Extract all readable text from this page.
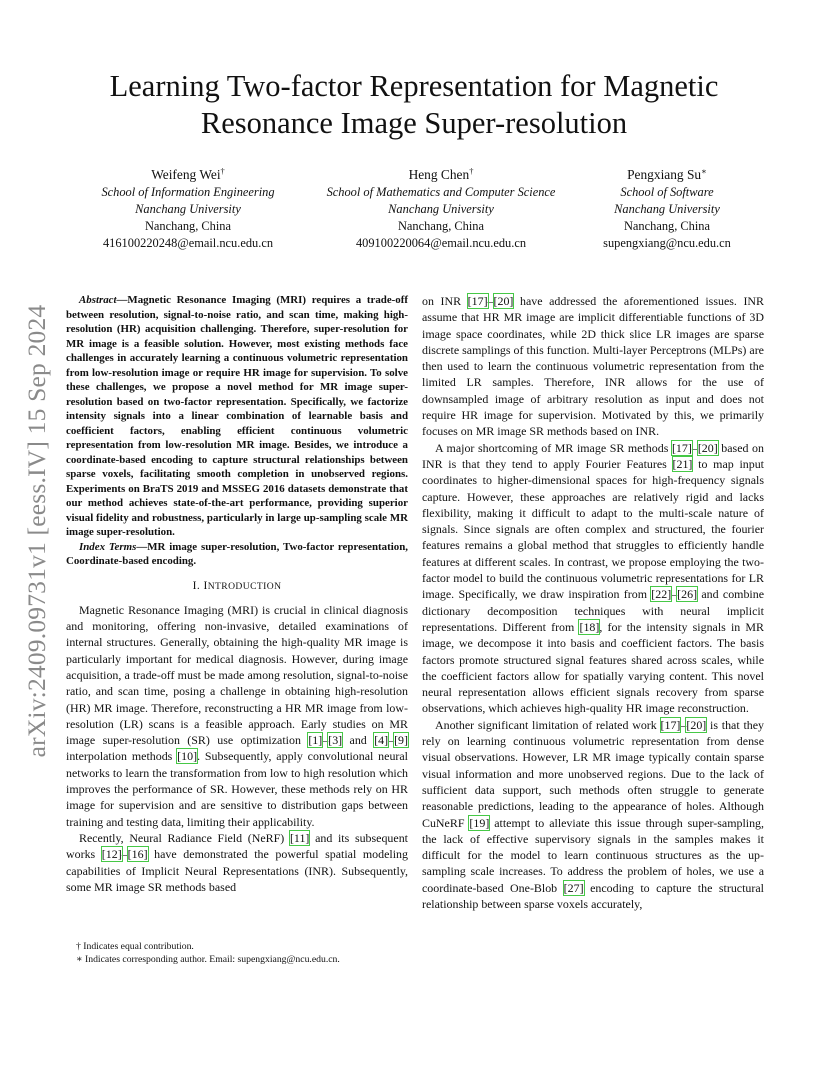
arXiv:2409.09731v1 [eess.IV] 15 Sep 2024
Learning Two-factor Representation for Magnetic
Resonance Image Super-resolution
Weifeng Wei†
School of Information Engineering
Nanchang University
Nanchang, China
416100220248@email.ncu.edu.cn
Heng Chen†
School of Mathematics and Computer Science
Nanchang University
Nanchang, China
409100220064@email.ncu.edu.cn
Pengxiang Su∗
School of Software
Nanchang University
Nanchang, China
supengxiang@ncu.edu.cn

Abstract—Magnetic Resonance Imaging (MRI) requires a trade-off between resolution, signal-to-noise ratio, and scan time, making high-resolution (HR) acquisition challenging. Therefore, super-resolution for MR image is a feasible solution. However, most existing methods face challenges in accurately learning a continuous volumetric representation from low-resolution image or require HR image for supervision. To solve these challenges, we propose a novel method for MR image super-resolution based on two-factor representation. Specifically, we factorize intensity signals into a linear combination of learnable basis and coefficient factors, enabling efficient continuous volumetric representation from low-resolution MR image. Besides, we introduce a coordinate-based encoding to capture structural relationships between sparse voxels, facilitating smooth completion in unobserved regions. Experiments on BraTS 2019 and MSSEG 2016 datasets demonstrate that our method achieves state-of-the-art performance, providing superior visual fidelity and robustness, particularly in large up-sampling scale MR image super-resolution.

Index Terms—MR image super-resolution, Two-factor representation, Coordinate-based encoding.

I. INTRODUCTION

Magnetic Resonance Imaging (MRI) is crucial in clinical diagnosis and monitoring, offering non-invasive, detailed examinations of internal structures. Generally, obtaining the high-quality MR image is particularly important for medical diagnosis. However, during image acquisition, a trade-off must be made among resolution, signal-to-noise ratio, and scan time, posing a challenge in obtaining high-resolution (HR) MR image. Therefore, reconstructing a HR MR image from low-resolution (LR) scans is a feasible approach. Early studies on MR image super-resolution (SR) use optimization [1]–[3] and [4]–[9] interpolation methods [10]. Subsequently, apply convolutional neural networks to learn the transformation from low to high resolution which improves the performance of SR. However, these methods rely on HR image for supervision and are sensitive to distribution gaps between training and testing data, limiting their applicability.

Recently, Neural Radiance Field (NeRF) [11] and its subsequent works [12]–[16] have demonstrated the powerful spatial modeling capabilities of Implicit Neural Representations (INR). Subsequently, some MR image SR methods based

† Indicates equal contribution.

∗ Indicates corresponding author. Email: supengxiang@ncu.edu.cn.

on INR [17]–[20] have addressed the aforementioned issues. INR assume that HR MR image are implicit differentiable functions of 3D image space coordinates, while 2D thick slice LR images are sparse discrete samplings of this function. Multi-layer Perceptrons (MLPs) are then used to learn the continuous volumetric representation from the limited LR samples. Therefore, INR allows for the use of downsampled image of arbitrary resolution as input and does not require HR image for supervision. Motivated by this, we primarily focuses on MR image SR methods based on INR.

A major shortcoming of MR image SR methods [17]–[20] based on INR is that they tend to apply Fourier Features [21] to map input coordinates to higher-dimensional spaces for high-frequency signals capture. However, these approaches are relatively rigid and lacks flexibility, making it difficult to adapt to the multi-scale nature of signals. Since signals are often complex and structured, the fourier features remains a global method that struggles to efficiently handle features at different scales. In contrast, we propose employing the two-factor model to build the continuous volumetric representations for LR image. Specifically, we draw inspiration from [22]–[26] and combine dictionary decomposition techniques with neural implicit representations. Different from [18], for the intensity signals in MR image, we decompose it into basis and coefficient factors. The basis factors promote structured signal features shared across scales, while the coefficient factors allow for spatially varying content. This novel neural representation allows efficient signals recovery from sparse observations, which achieves high-quality HR image reconstruction.

Another significant limitation of related work [17]–[20] is that they rely on learning continuous volumetric representation from dense visual observations. However, LR MR image typically contain sparse visual information and more unobserved regions. Due to the lack of sufficient data support, such methods often struggle to generate reasonable predictions, leading to the appearance of holes. Although CuNeRF [19] attempt to alleviate this issue through super-sampling, the lack of effective supervisory signals in the samples makes it difficult for the model to learn continuous structures as the up-sampling scale increases. To address the problem of holes, we use a coordinate-based One-Blob [27] encoding to capture the structural relationship between sparse voxels accurately,
